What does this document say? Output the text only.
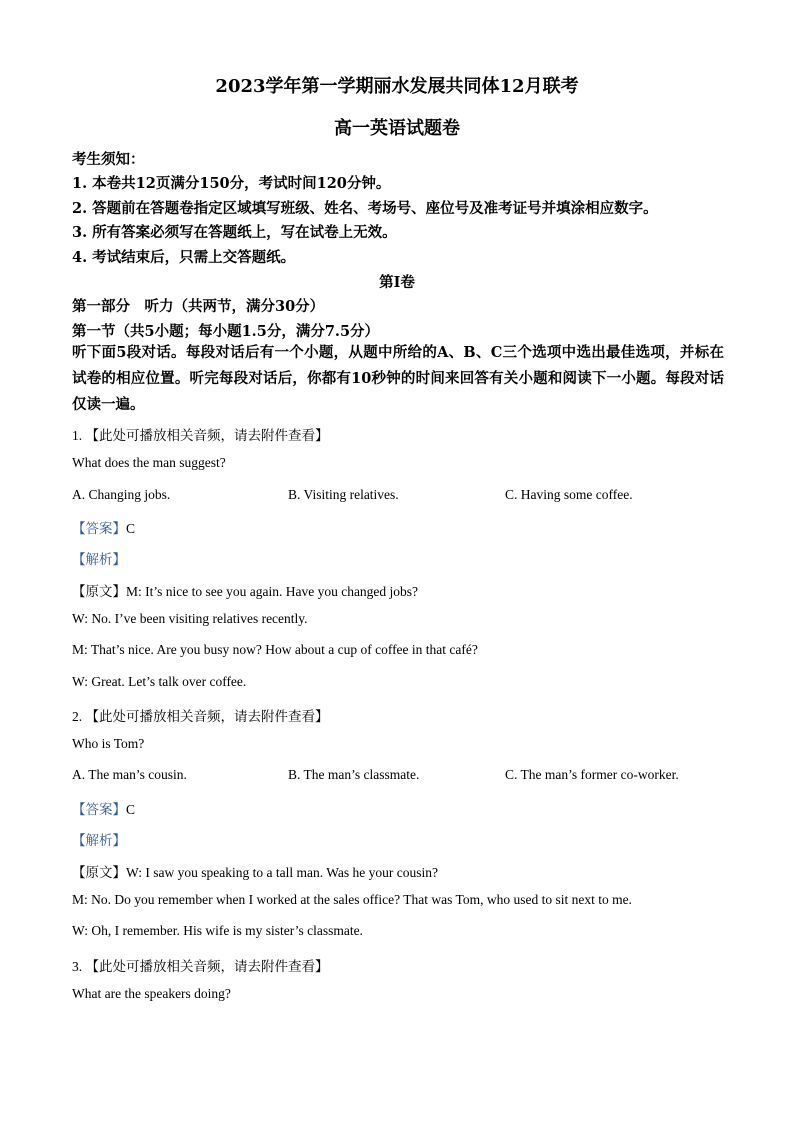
2023学年第一学期丽水发展共同体12月联考
高一英语试题卷
考生须知：
1. 本卷共12页满分150分，考试时间120分钟。
2. 答题前在答题卷指定区域填写班级、姓名、考场号、座位号及准考证号并填涂相应数字。
3. 所有答案必须写在答题纸上，写在试卷上无效。
4. 考试结束后，只需上交答题纸。
第Ⅰ卷
第一部分　听力（共两节，满分30分）
第一节（共5小题；每小题1.5分，满分7.5分）
听下面5段对话。每段对话后有一个小题，从题中所给的A、B、C三个选项中选出最佳选项，并标在试卷的相应位置。听完每段对话后，你都有10秒钟的时间来回答有关小题和阅读下一小题。每段对话仅读一遍。
1. 【此处可播放相关音频，请去附件查看】
What does the man suggest?
A. Changing jobs.	B. Visiting relatives.	C. Having some coffee.
【答案】C
【解析】
【原文】M: It’s nice to see you again. Have you changed jobs?
W: No. I’ve been visiting relatives recently.
M: That’s nice. Are you busy now? How about a cup of coffee in that café?
W: Great. Let’s talk over coffee.
2. 【此处可播放相关音频，请去附件查看】
Who is Tom?
A. The man’s cousin.	B. The man’s classmate.	C. The man’s former co-worker.
【答案】C
【解析】
【原文】W: I saw you speaking to a tall man. Was he your cousin?
M: No. Do you remember when I worked at the sales office? That was Tom, who used to sit next to me.
W: Oh, I remember. His wife is my sister’s classmate.
3. 【此处可播放相关音频，请去附件查看】
What are the speakers doing?
